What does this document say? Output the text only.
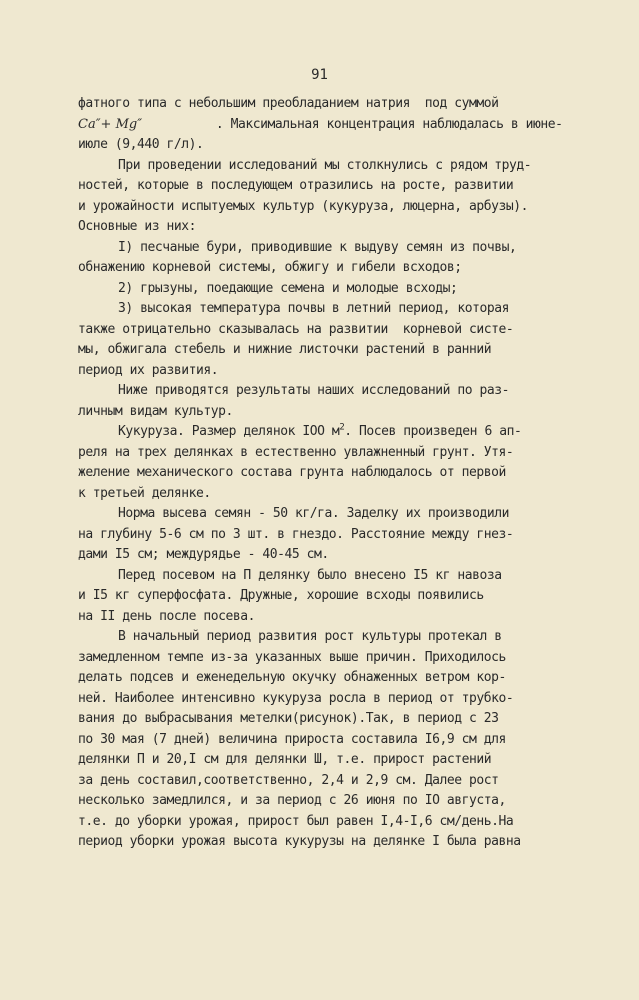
91
фатного типа с небольшим преобладанием натрия  под суммой
Ca″+ Mg″          . Максимальная концентрация наблюдалась в июне-
июле (9,440 г/л).
При проведении исследований мы столкнулись с рядом труд-
ностей, которые в последующем отразились на росте, развитии
и урожайности испытуемых культур (кукуруза, люцерна, арбузы).
Основные из них:
I) песчаные бури, приводившие к выдуву семян из почвы,
обнажению корневой системы, обжигу и гибели всходов;
2) грызуны, поедающие семена и молодые всходы;
3) высокая температура почвы в летний период, которая
также отрицательно сказывалась на развитии  корневой систе-
мы, обжигала стебель и нижние листочки растений в ранний
период их развития.
Ниже приводятся результаты наших исследований по раз-
личным видам культур.
Кукуруза. Размер делянок IOO $м^2$. Посев произведен 6 ап-
реля на трех делянках в естественно увлажненный грунт. Утя-
желение механического состава грунта наблюдалось от первой
к третьей делянке.
Норма высева семян - 50 кг/га. Заделку их производили
на глубину 5-6 см по 3 шт. в гнездо. Расстояние между гнез-
дами I5 см; междурядье - 40-45 см.
Перед посевом на П делянку было внесено I5 кг навоза
и I5 кг суперфосфата. Дружные, хорошие всходы появились
на II день после посева.
В начальный период развития рост культуры протекал в
замедленном темпе из-за указанных выше причин. Приходилось
делать подсев и еженедельную окучку обнаженных ветром кор-
ней. Наиболее интенсивно кукуруза росла в период от трубко-
вания до выбрасывания метелки(рисунок).Так, в период с 23
по 30 мая (7 дней) величина прироста составила I6,9 см для
делянки П и 20,I см для делянки Ш, т.е. прирост растений
за день составил,соответственно, 2,4 и 2,9 см. Далее рост
несколько замедлился, и за период с 26 июня по IO августа,
т.е. до уборки урожая, прирост был равен I,4-I,6 см/день.На
период уборки урожая высота кукурузы на делянке I была равна
